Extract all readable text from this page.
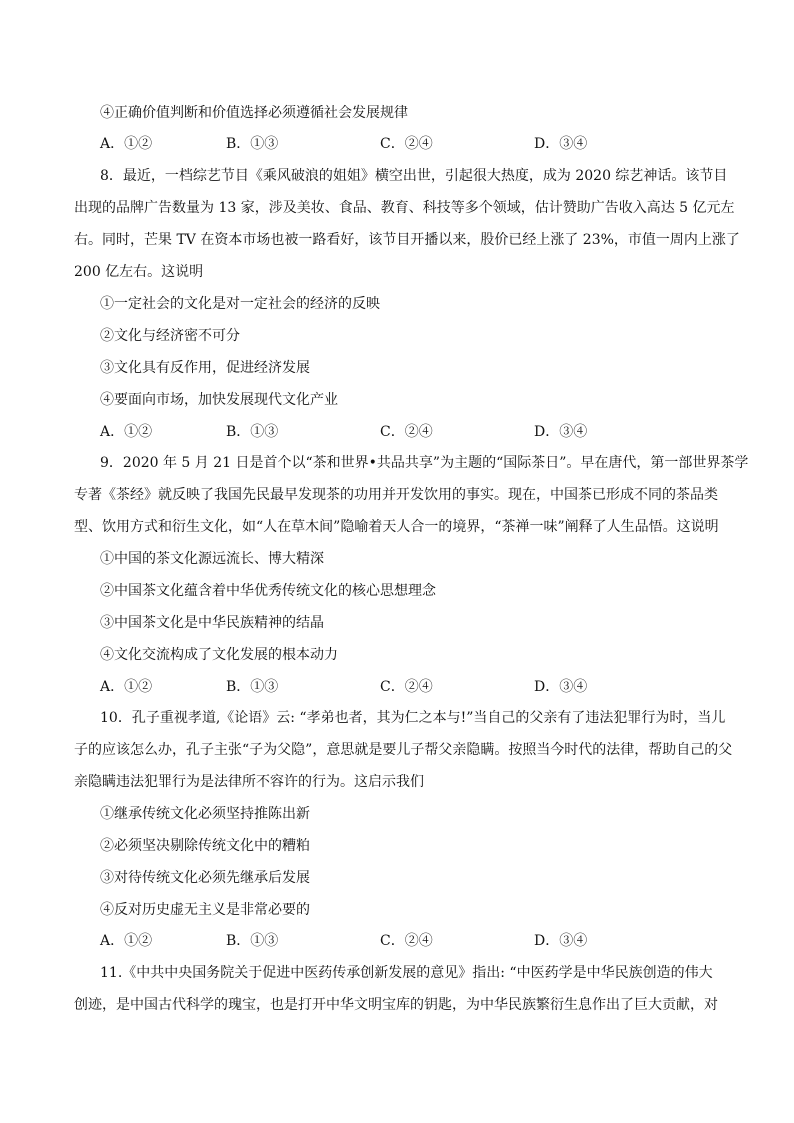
④正确价值判断和价值选择必须遵循社会发展规律
A．①②	B．①③	C．②④	D．③④
8．最近，一档综艺节目《乘风破浪的姐姐》横空出世，引起很大热度，成为 2020 综艺神话。该节目
出现的品牌广告数量为 13 家，涉及美妆、食品、教育、科技等多个领域，估计赞助广告收入高达 5 亿元左
右。同时，芒果 TV 在资本市场也被一路看好，该节目开播以来，股价已经上涨了 23%，市值一周内上涨了
200 亿左右。这说明
①一定社会的文化是对一定社会的经济的反映
②文化与经济密不可分
③文化具有反作用，促进经济发展
④要面向市场，加快发展现代文化产业
A．①②	B．①③	C．②④	D．③④
9．2020 年 5 月 21 日是首个以“茶和世界•共品共享”为主题的“国际茶日”。早在唐代，第一部世界茶学
专著《茶经》就反映了我国先民最早发现茶的功用并开发饮用的事实。现在，中国茶已形成不同的茶品类
型、饮用方式和衍生文化，如“人在草木间”隐喻着天人合一的境界，“茶禅一味”阐释了人生品悟。这说明
①中国的茶文化源远流长、博大精深
②中国茶文化蕴含着中华优秀传统文化的核心思想理念
③中国茶文化是中华民族精神的结晶
④文化交流构成了文化发展的根本动力
A．①②	B．①③	C．②④	D．③④
10．孔子重视孝道,《论语》云: “孝弟也者，其为仁之本与!”当自己的父亲有了违法犯罪行为时，当儿
子的应该怎么办，孔子主张“子为父隐”，意思就是要儿子帮父亲隐瞒。按照当今时代的法律，帮助自己的父
亲隐瞒违法犯罪行为是法律所不容许的行为。这启示我们
①继承传统文化必须坚持推陈出新
②必须坚决剔除传统文化中的糟粕
③对待传统文化必须先继承后发展
④反对历史虚无主义是非常必要的
A．①②	B．①③	C．②④	D．③④
11.《中共中央国务院关于促进中医药传承创新发展的意见》指出: “中医药学是中华民族创造的伟大
创迹，是中国古代科学的瑰宝，也是打开中华文明宝库的钥匙，为中华民族繁衍生息作出了巨大贡献，对
